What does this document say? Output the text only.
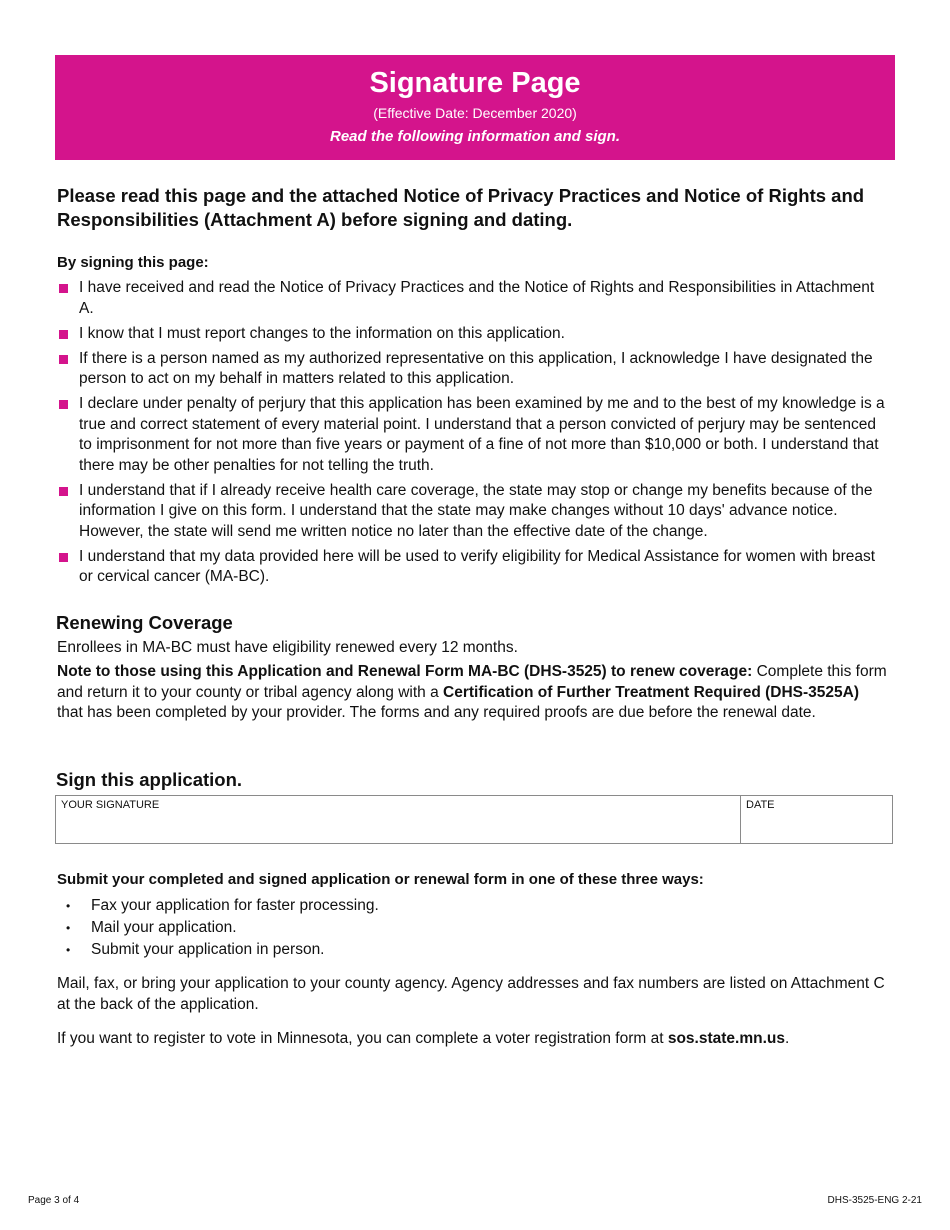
Signature Page
(Effective Date: December 2020)
Read the following information and sign.
Please read this page and the attached Notice of Privacy Practices and Notice of Rights and Responsibilities (Attachment A) before signing and dating.
By signing this page:
I have received and read the Notice of Privacy Practices and the Notice of Rights and Responsibilities in Attachment A.
I know that I must report changes to the information on this application.
If there is a person named as my authorized representative on this application, I acknowledge I have designated the person to act on my behalf in matters related to this application.
I declare under penalty of perjury that this application has been examined by me and to the best of my knowledge is a true and correct statement of every material point. I understand that a person convicted of perjury may be sentenced to imprisonment for not more than five years or payment of a fine of not more than $10,000 or both. I understand that there may be other penalties for not telling the truth.
I understand that if I already receive health care coverage, the state may stop or change my benefits because of the information I give on this form. I understand that the state may make changes without 10 days' advance notice. However, the state will send me written notice no later than the effective date of the change.
I understand that my data provided here will be used to verify eligibility for Medical Assistance for women with breast or cervical cancer (MA-BC).
Renewing Coverage
Enrollees in MA-BC must have eligibility renewed every 12 months.
Note to those using this Application and Renewal Form MA-BC (DHS-3525) to renew coverage: Complete this form and return it to your county or tribal agency along with a Certification of Further Treatment Required (DHS-3525A) that has been completed by your provider. The forms and any required proofs are due before the renewal date.
Sign this application.
YOUR SIGNATURE	DATE
Submit your completed and signed application or renewal form in one of these three ways:
• Fax your application for faster processing.
• Mail your application.
• Submit your application in person.
Mail, fax, or bring your application to your county agency. Agency addresses and fax numbers are listed on Attachment C at the back of the application.
If you want to register to vote in Minnesota, you can complete a voter registration form at sos.state.mn.us.
Page 3 of 4	DHS-3525-ENG 2-21
